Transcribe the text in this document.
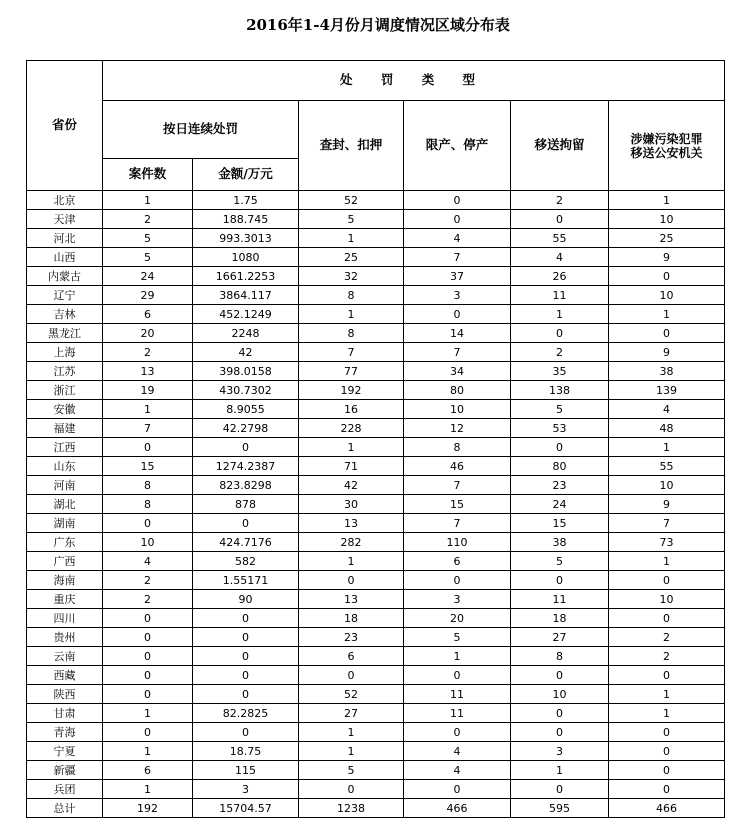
2016年1-4月份月调度情况区域分布表
省份	处 罚 类 型					
	按日连续处罚		查封、扣押	限产、停产	移送拘留	涉嫌污染犯罪
移送公安机关
	案件数	金额/万元				
北京	1	1.75	52	0	2	1
天津	2	188.745	5	0	0	10
河北	5	993.3013	1	4	55	25
山西	5	1080	25	7	4	9
内蒙古	24	1661.2253	32	37	26	0
辽宁	29	3864.117	8	3	11	10
吉林	6	452.1249	1	0	1	1
黑龙江	20	2248	8	14	0	0
上海	2	42	7	7	2	9
江苏	13	398.0158	77	34	35	38
浙江	19	430.7302	192	80	138	139
安徽	1	8.9055	16	10	5	4
福建	7	42.2798	228	12	53	48
江西	0	0	1	8	0	1
山东	15	1274.2387	71	46	80	55
河南	8	823.8298	42	7	23	10
湖北	8	878	30	15	24	9
湖南	0	0	13	7	15	7
广东	10	424.7176	282	110	38	73
广西	4	582	1	6	5	1
海南	2	1.55171	0	0	0	0
重庆	2	90	13	3	11	10
四川	0	0	18	20	18	0
贵州	0	0	23	5	27	2
云南	0	0	6	1	8	2
西藏	0	0	0	0	0	0
陕西	0	0	52	11	10	1
甘肃	1	82.2825	27	11	0	1
青海	0	0	1	0	0	0
宁夏	1	18.75	1	4	3	0
新疆	6	115	5	4	1	0
兵团	1	3	0	0	0	0
总计	192	15704.57	1238	466	595	466
